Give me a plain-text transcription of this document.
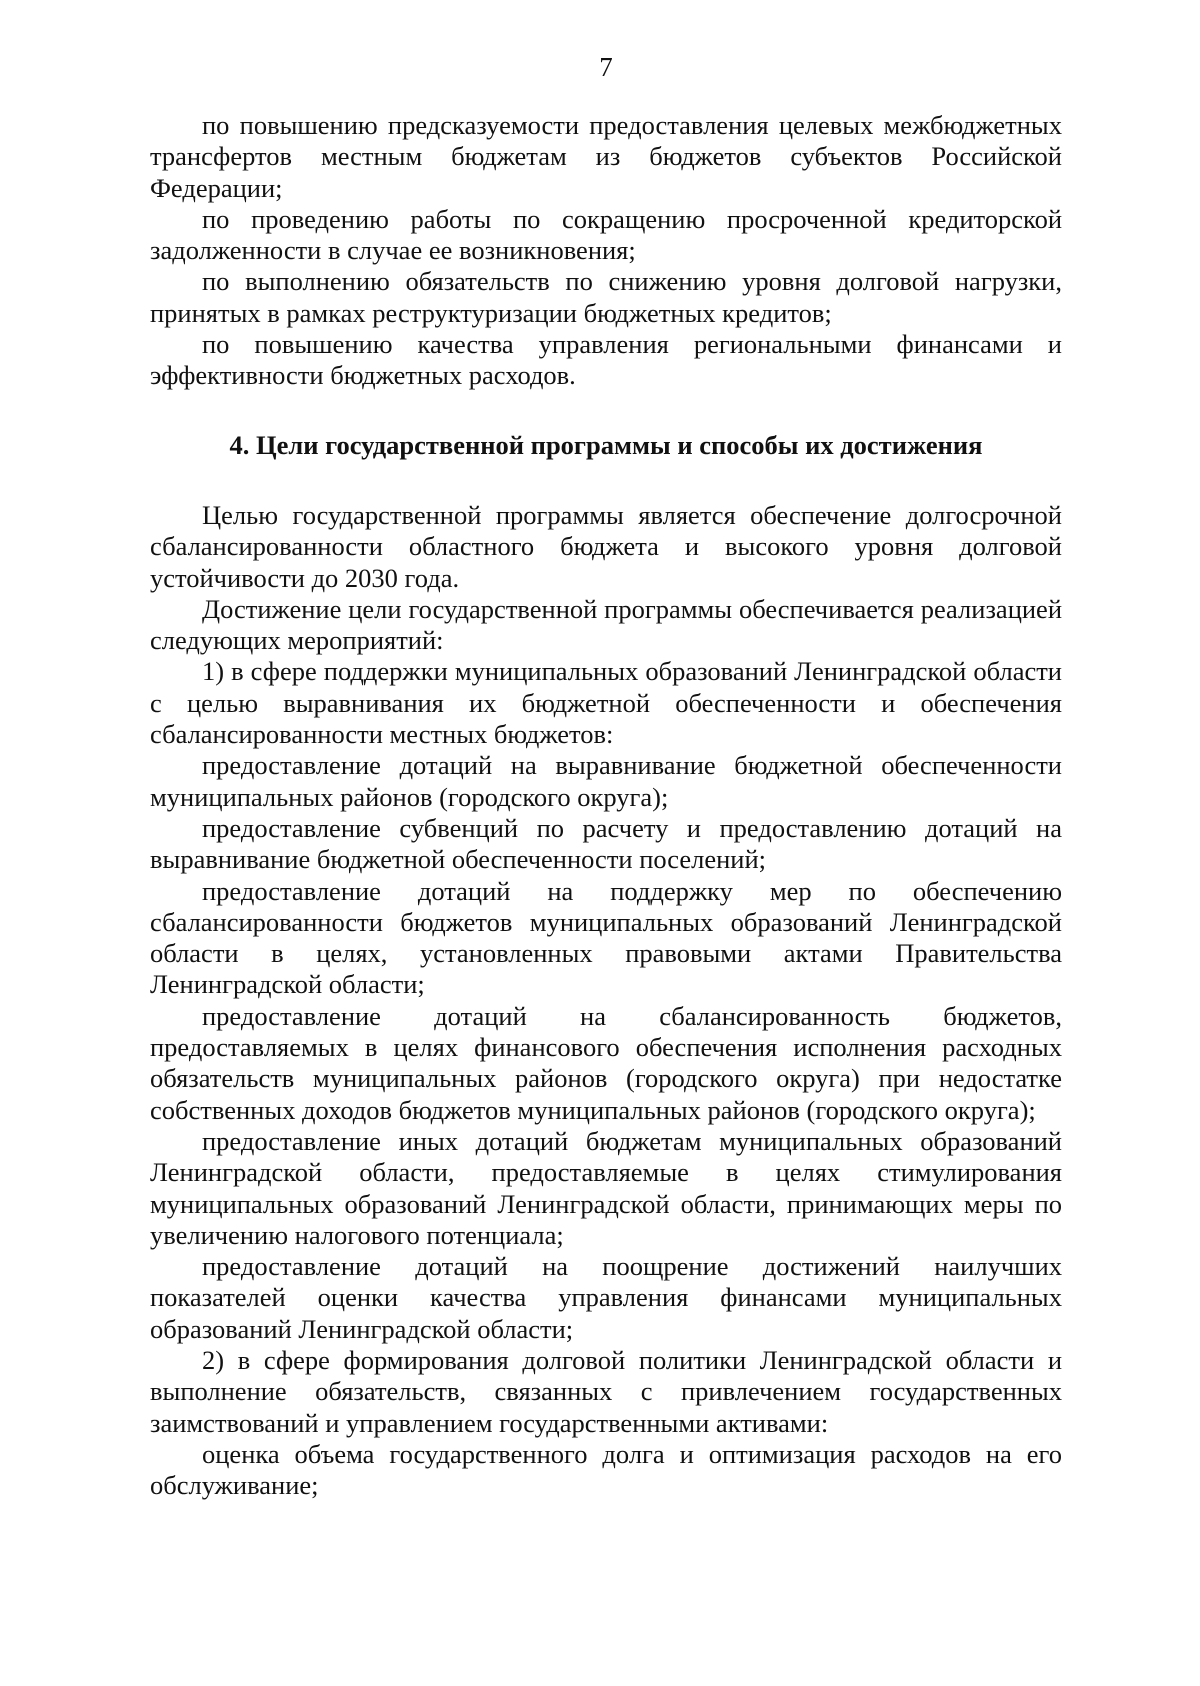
7

по повышению предсказуемости предоставления целевых межбюджетных трансфертов местным бюджетам из бюджетов субъектов Российской Федерации;

по проведению работы по сокращению просроченной кредиторской задолженности в случае ее возникновения;

по выполнению обязательств по снижению уровня долговой нагрузки, принятых в рамках реструктуризации бюджетных кредитов;

по повышению качества управления региональными финансами и эффективности бюджетных расходов.

4. Цели государственной программы и способы их достижения

Целью государственной программы является обеспечение долгосрочной сбалансированности областного бюджета и высокого уровня долговой устойчивости до 2030 года.

Достижение цели государственной программы обеспечивается реализацией следующих мероприятий:

1) в сфере поддержки муниципальных образований Ленинградской области с целью выравнивания их бюджетной обеспеченности и обеспечения сбалансированности местных бюджетов:

предоставление дотаций на выравнивание бюджетной обеспеченности муниципальных районов (городского округа);

предоставление субвенций по расчету и предоставлению дотаций на выравнивание бюджетной обеспеченности поселений;

предоставление дотаций на поддержку мер по обеспечению сбалансированности бюджетов муниципальных образований Ленинградской области в целях, установленных правовыми актами Правительства Ленинградской области;

предоставление дотаций на сбалансированность бюджетов, предоставляемых в целях финансового обеспечения исполнения расходных обязательств муниципальных районов (городского округа) при недостатке собственных доходов бюджетов муниципальных районов (городского округа);

предоставление иных дотаций бюджетам муниципальных образований Ленинградской области, предоставляемые в целях стимулирования муниципальных образований Ленинградской области, принимающих меры по увеличению налогового потенциала;

предоставление дотаций на поощрение достижений наилучших показателей оценки качества управления финансами муниципальных образований Ленинградской области;

2) в сфере формирования долговой политики Ленинградской области и выполнение обязательств, связанных с привлечением государственных заимствований и управлением государственными активами:

оценка объема государственного долга и оптимизация расходов на его обслуживание;
